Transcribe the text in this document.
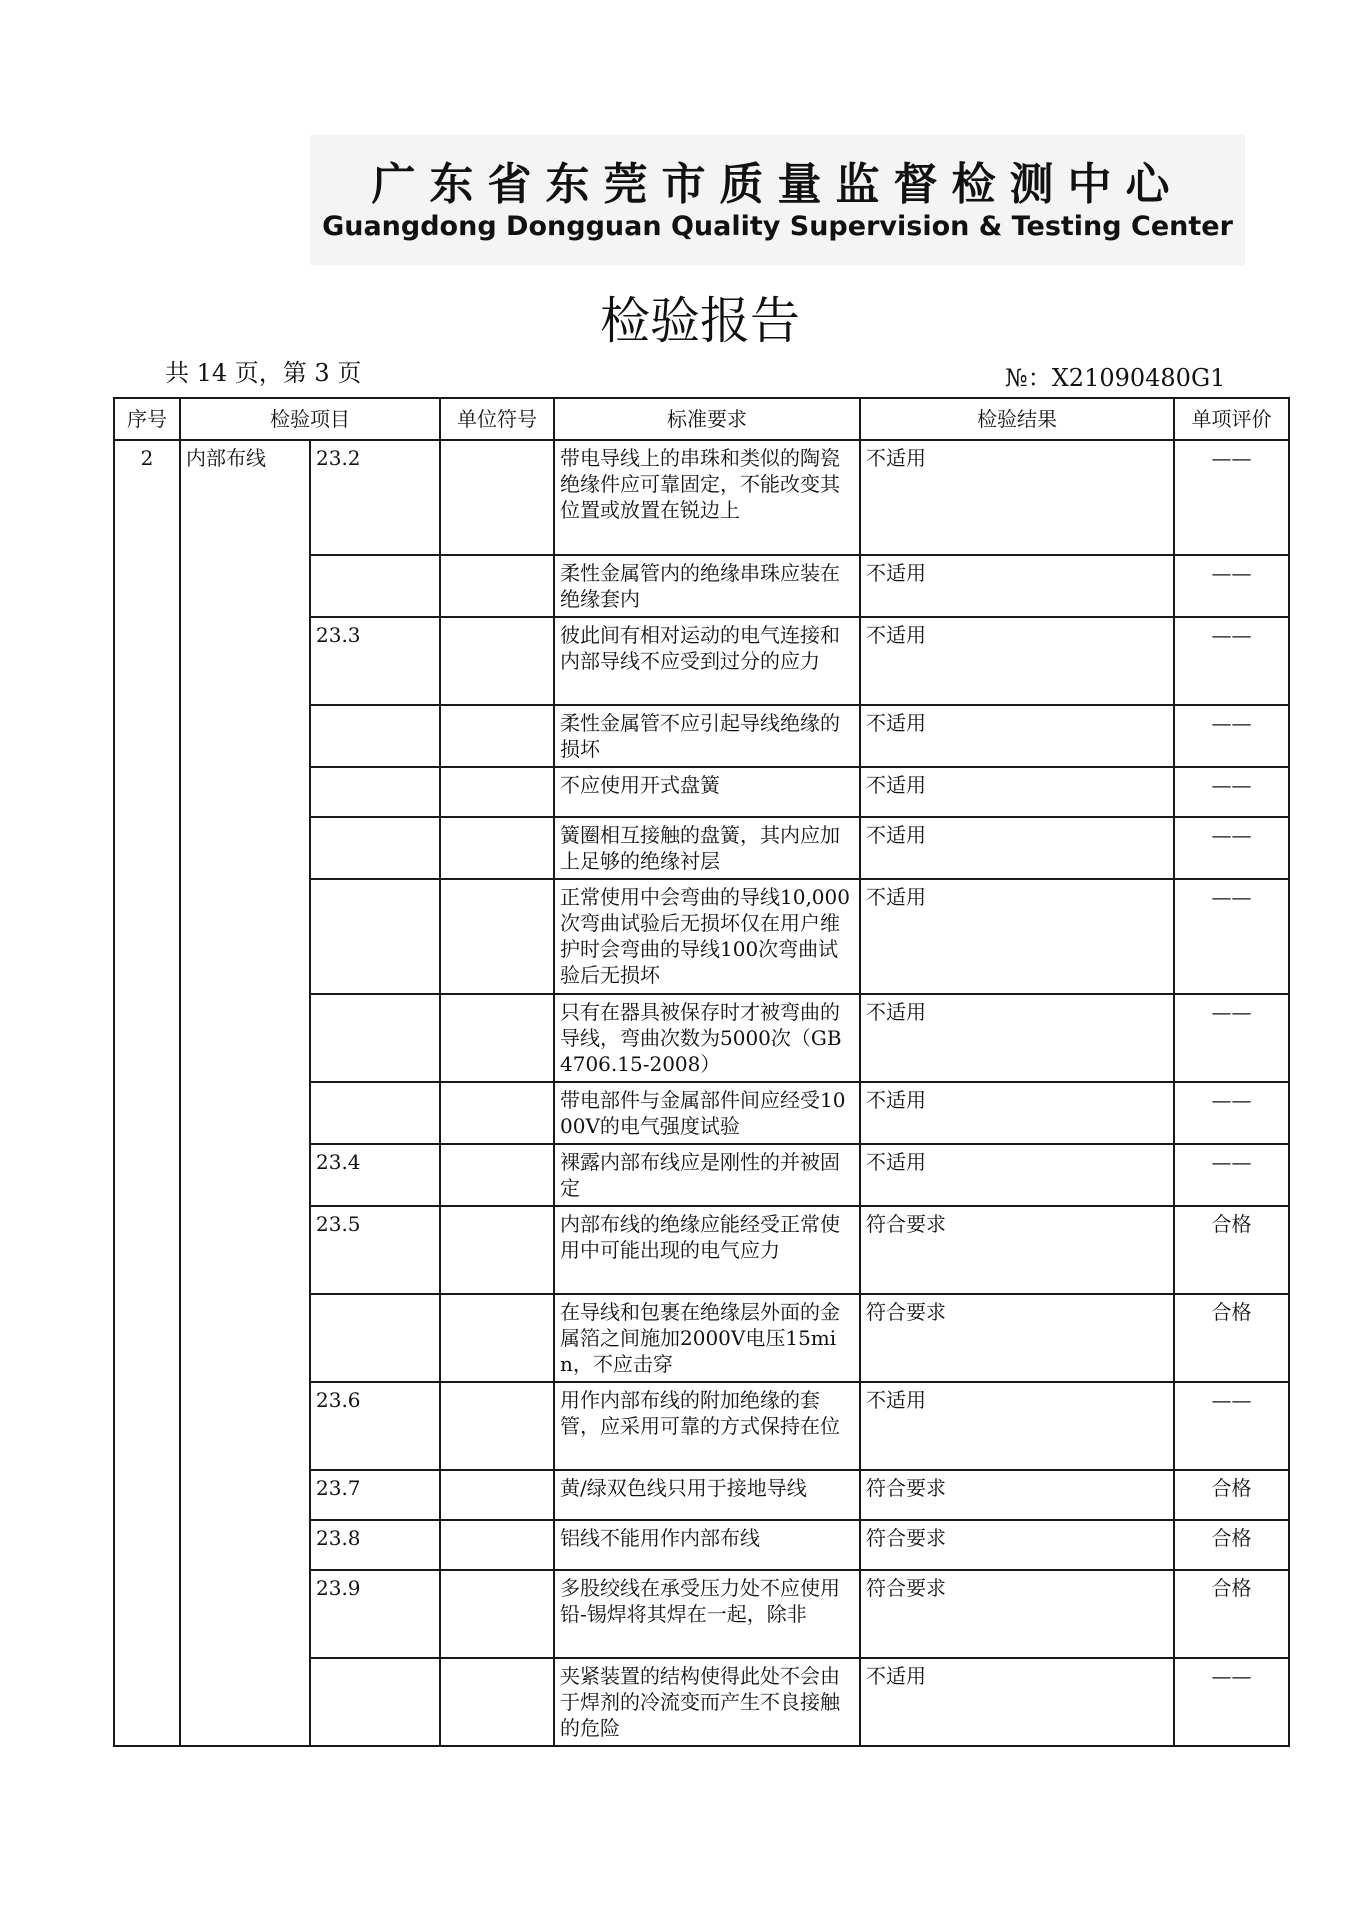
广东省东莞市质量监督检测中心
Guangdong Dongguan Quality Supervision & Testing Center
检验报告
共 14 页，第 3 页	№：X21090480G1
序号	检验项目		单位符号	标准要求	检验结果	单项评价
2	内部布线	23.2		带电导线上的串珠和类似的陶瓷绝缘件应可靠固定，不能改变其位置或放置在锐边上	不适用	——
				柔性金属管内的绝缘串珠应装在绝缘套内	不适用	——
		23.3		彼此间有相对运动的电气连接和内部导线不应受到过分的应力	不适用	——
				柔性金属管不应引起导线绝缘的损坏	不适用	——
				不应使用开式盘簧	不适用	——
				簧圈相互接触的盘簧，其内应加上足够的绝缘衬层	不适用	——
				正常使用中会弯曲的导线10,000次弯曲试验后无损坏仅在用户维护时会弯曲的导线100次弯曲试验后无损坏	不适用	——
				只有在器具被保存时才被弯曲的导线，弯曲次数为5000次（GB 4706.15-2008）	不适用	——
				带电部件与金属部件间应经受1000V的电气强度试验	不适用	——
		23.4		裸露内部布线应是刚性的并被固定	不适用	——
		23.5		内部布线的绝缘应能经受正常使用中可能出现的电气应力	符合要求	合格
				在导线和包裹在绝缘层外面的金属箔之间施加2000V电压15min，不应击穿	符合要求	合格
		23.6		用作内部布线的附加绝缘的套管，应采用可靠的方式保持在位	不适用	——
		23.7		黄/绿双色线只用于接地导线	符合要求	合格
		23.8		铝线不能用作内部布线	符合要求	合格
		23.9		多股绞线在承受压力处不应使用铅-锡焊将其焊在一起，除非	符合要求	合格
				夹紧装置的结构使得此处不会由于焊剂的冷流变而产生不良接触的危险	不适用	——
